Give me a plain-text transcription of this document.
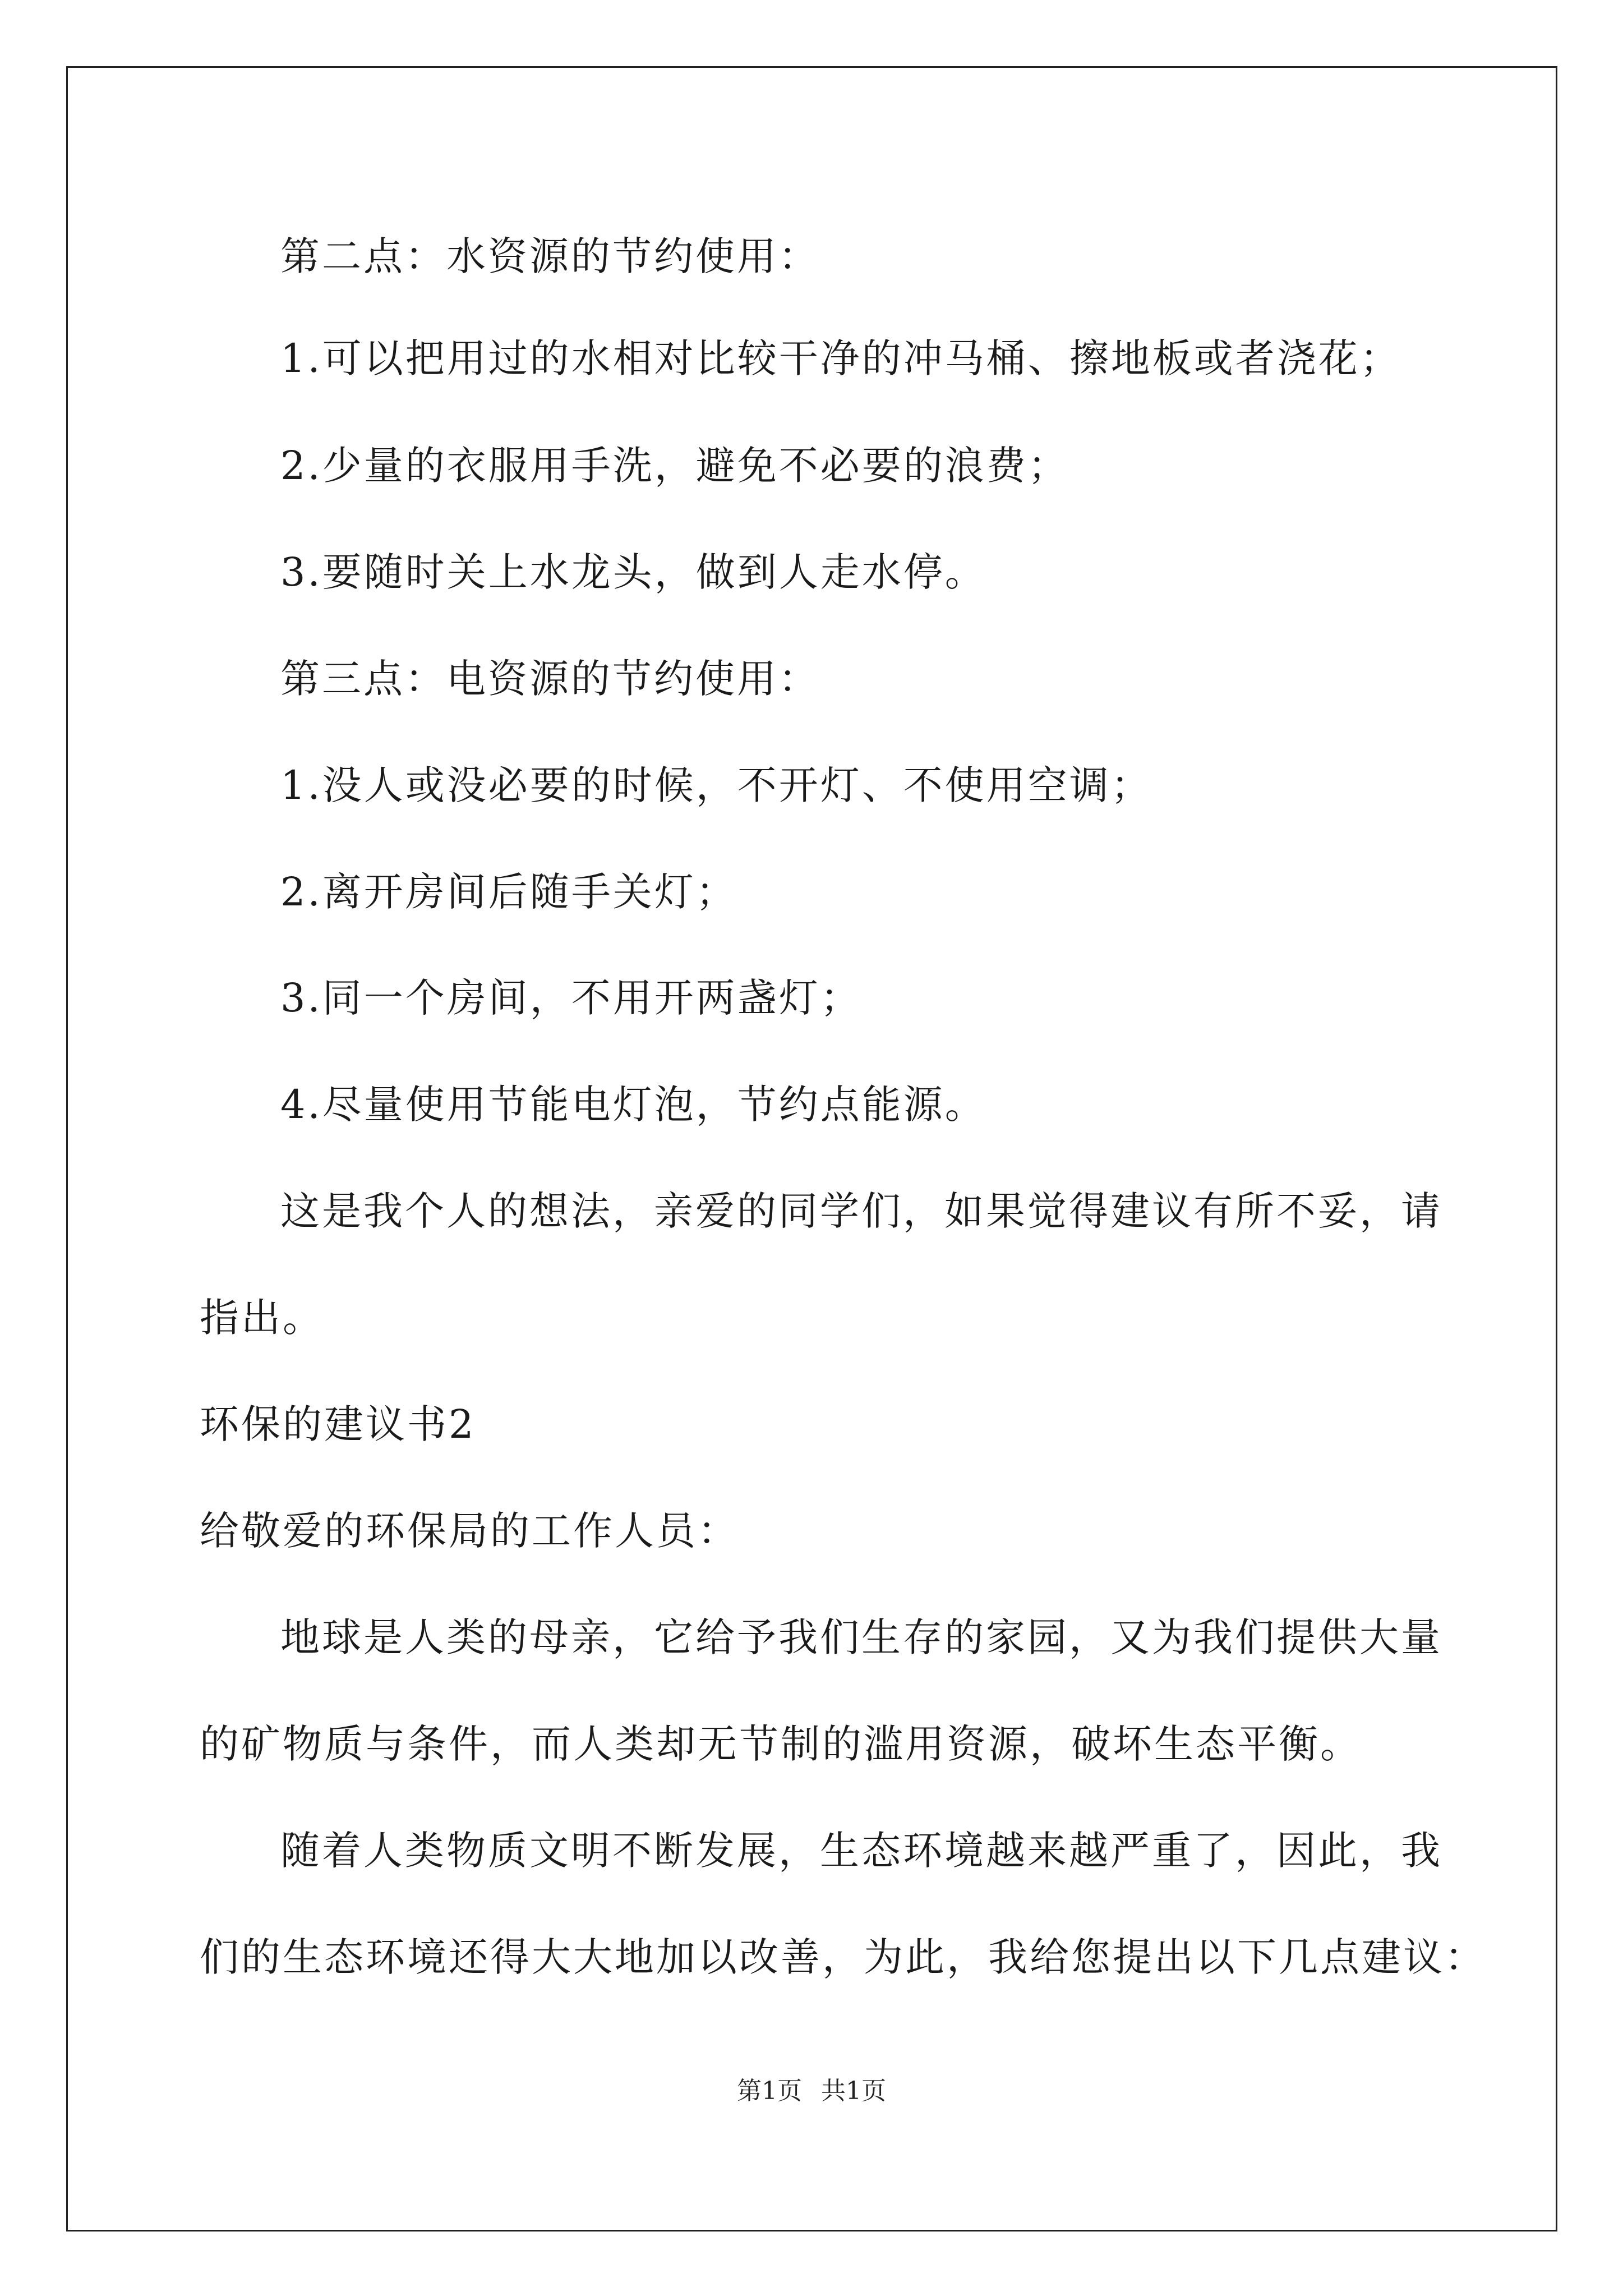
第二点：水资源的节约使用：
1.可以把用过的水相对比较干净的冲马桶、擦地板或者浇花；
2.少量的衣服用手洗，避免不必要的浪费；
3.要随时关上水龙头，做到人走水停。
第三点：电资源的节约使用：
1.没人或没必要的时候，不开灯、不使用空调；
2.离开房间后随手关灯；
3.同一个房间，不用开两盏灯；
4.尽量使用节能电灯泡，节约点能源。
这是我个人的想法，亲爱的同学们，如果觉得建议有所不妥，请
指出。
环保的建议书2
给敬爱的环保局的工作人员：
地球是人类的母亲，它给予我们生存的家园，又为我们提供大量
的矿物质与条件，而人类却无节制的滥用资源，破坏生态平衡。
随着人类物质文明不断发展，生态环境越来越严重了，因此，我
们的生态环境还得大大地加以改善，为此，我给您提出以下几点建议：
第1页 共1页
